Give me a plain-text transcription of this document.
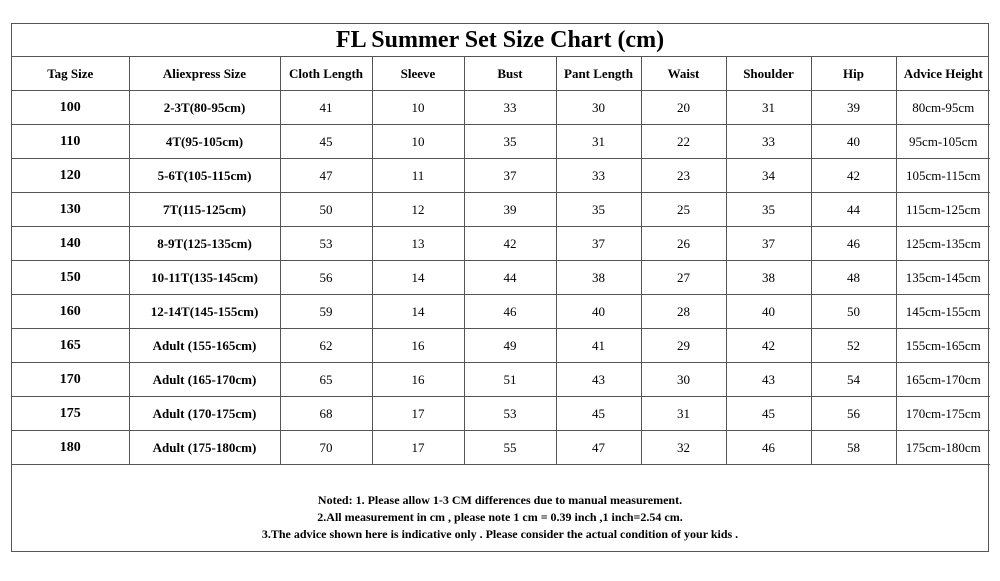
FL Summer Set Size Chart (cm)
Tag Size	Aliexpress Size	Cloth Length	Sleeve	Bust	Pant Length	Waist	Shoulder	Hip	Advice Height
100	2-3T(80-95cm)	41	10	33	30	20	31	39	80cm-95cm
110	4T(95-105cm)	45	10	35	31	22	33	40	95cm-105cm
120	5-6T(105-115cm)	47	11	37	33	23	34	42	105cm-115cm
130	7T(115-125cm)	50	12	39	35	25	35	44	115cm-125cm
140	8-9T(125-135cm)	53	13	42	37	26	37	46	125cm-135cm
150	10-11T(135-145cm)	56	14	44	38	27	38	48	135cm-145cm
160	12-14T(145-155cm)	59	14	46	40	28	40	50	145cm-155cm
165	Adult (155-165cm)	62	16	49	41	29	42	52	155cm-165cm
170	Adult (165-170cm)	65	16	51	43	30	43	54	165cm-170cm
175	Adult (170-175cm)	68	17	53	45	31	45	56	170cm-175cm
180	Adult (175-180cm)	70	17	55	47	32	46	58	175cm-180cm
Noted: 1. Please allow 1-3 CM differences due to manual measurement.
2.All measurement in cm , please note 1 cm = 0.39 inch ,1 inch=2.54 cm.
3.The advice shown here is indicative only . Please consider the actual condition of your kids .
